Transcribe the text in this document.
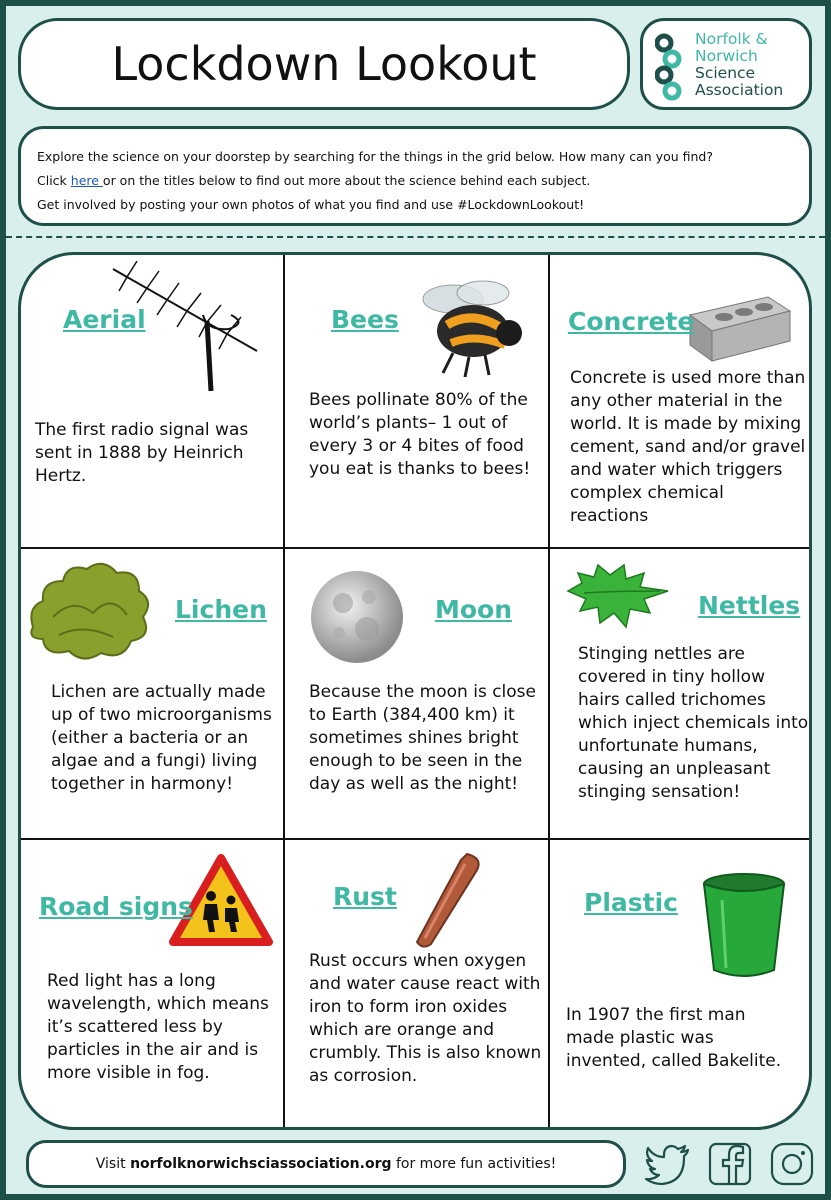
Lockdown Lookout	Norfolk &
Norwich
Science
Association
Explore the science on your doorstep by searching for the things in the grid below. How many can you find?
Click here or on the titles below to find out more about the science behind each subject.
Get involved by posting your own photos of what you find and use #LockdownLookout!
Aerial
The first radio signal was sent in 1888 by Heinrich Hertz.
Bees
Bees pollinate 80% of the world’s plants– 1 out of every 3 or 4 bites of food you eat is thanks to bees!
Concrete
Concrete is used more than any other material in the world. It is made by mixing cement, sand and/or gravel and water which triggers complex chemical reactions
Lichen
Lichen are actually made up of two microorganisms (either a bacteria or an algae and a fungi) living together in harmony!
Moon
Because the moon is close to Earth (384,400 km) it sometimes shines bright enough to be seen in the day as well as the night!
Nettles
Stinging nettles are covered in tiny hollow hairs called trichomes which inject chemicals into unfortunate humans, causing an unpleasant stinging sensation!
Road signs
Red light has a long wavelength, which means it’s scattered less by particles in the air and is more visible in fog.
Rust
Rust occurs when oxygen and water cause react with iron to form iron oxides which are orange and crumbly. This is also known as corrosion.
Plastic
In 1907 the first man made plastic was invented, called Bakelite.
Visit norfolknorwichsciassociation.org for more fun activities!
